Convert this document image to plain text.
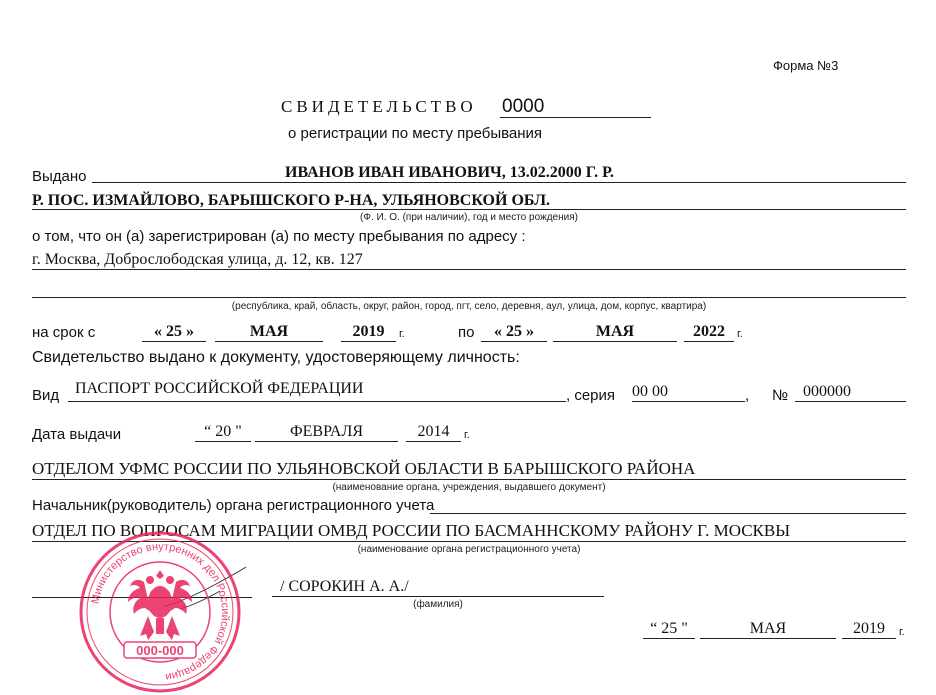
Форма №3
СВИДЕТЕЛЬСТВО 0000
о регистрации по месту пребывания
Выдано	ИВАНОВ ИВАН ИВАНОВИЧ, 13.02.2000 Г. Р.
Р. ПОС. ИЗМАЙЛОВО, БАРЫШСКОГО Р-НА, УЛЬЯНОВСКОЙ ОБЛ.
(Ф. И. О. (при наличии), год и место рождения)
о том, что он (а) зарегистрирован (а) по месту пребывания по адресу :
г. Москва, Доброслободская улица, д. 12, кв. 127
(республика, край, область, округ, район, город, пгт, село, деревня, аул, улица, дом, корпус, квартира)
на срок с	« 25 »	МАЯ	2019	г.	по	« 25 »	МАЯ	2022	г.
Свидетельство выдано к документу, удостоверяющему личность:
Вид ПАСПОРТ РОССИЙСКОЙ ФЕДЕРАЦИИ	, серия 00 00	, № 000000
Дата выдачи	“ 20 "	ФЕВРАЛЯ	2014	г.
ОТДЕЛОМ УФМС РОССИИ ПО УЛЬЯНОВСКОЙ ОБЛАСТИ В БАРЫШСКОГО РАЙОНА
(наименование органа, учреждения, выдавшего документ)
Начальник(руководитель) органа регистрационного учета
ОТДЕЛ ПО ВОПРОСАМ МИГРАЦИИ ОМВД РОССИИ ПО БАСМАННСКОМУ РАЙОНУ Г. МОСКВЫ
(наименование органа регистрационного учета)
/ СОРОКИН А. А./
(фамилия)
“ 25 "	МАЯ	2019	г.
Министерство внутренних дел Российской Федерации
000-000
